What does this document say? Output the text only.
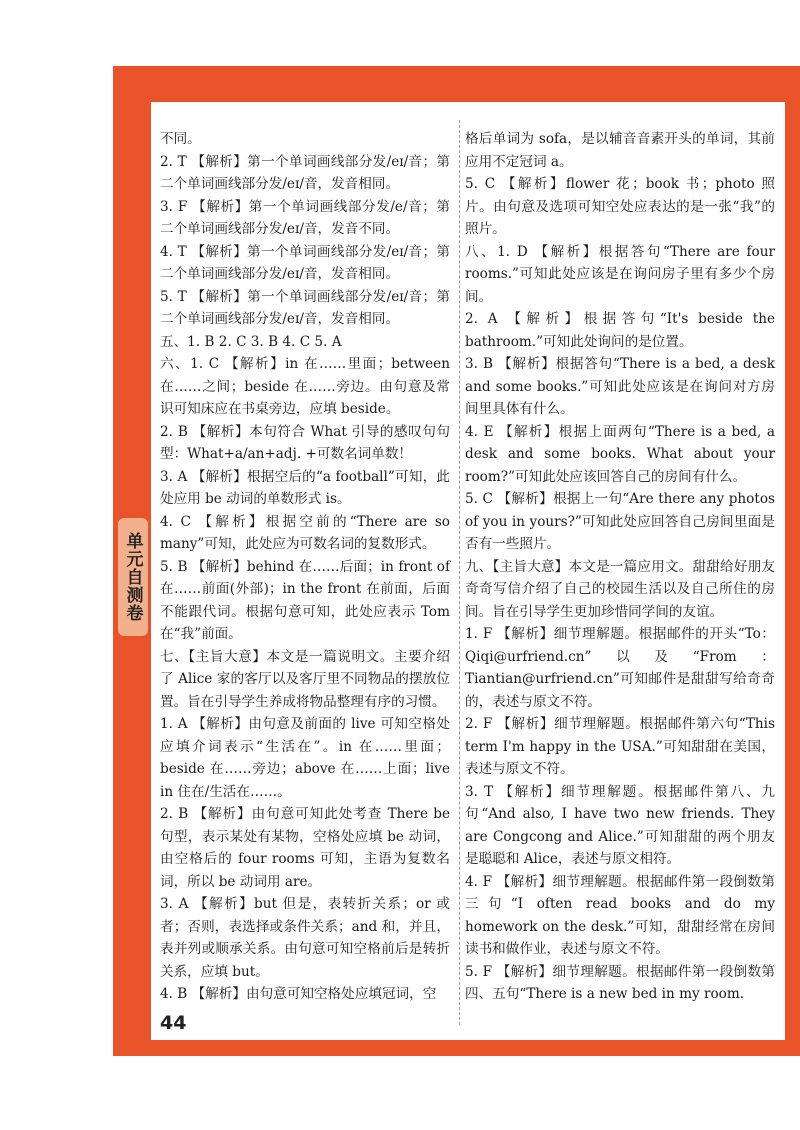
单元自测卷

不同。

2. T 【解析】第一个单词画线部分发/eɪ/音；第二个单词画线部分发/eɪ/音，发音相同。

3. F 【解析】第一个单词画线部分发/e/音；第二个单词画线部分发/eɪ/音，发音不同。

4. T 【解析】第一个单词画线部分发/eɪ/音；第二个单词画线部分发/eɪ/音，发音相同。

5. T 【解析】第一个单词画线部分发/eɪ/音；第二个单词画线部分发/eɪ/音，发音相同。

五、1. B 2. C 3. B 4. C 5. A

六、1. C 【解析】in 在……里面；between 在……之间；beside 在……旁边。由句意及常识可知床应在书桌旁边，应填 beside。

2. B 【解析】本句符合 What 引导的感叹句句型：What+a/an+adj. +可数名词单数！

3. A 【解析】根据空后的“a football”可知，此处应用 be 动词的单数形式 is。

4. C 【解析】根据空前的“There are so many”可知，此处应为可数名词的复数形式。

5. B 【解析】behind 在……后面；in front of 在……前面(外部)；in the front 在前面，后面不能跟代词。根据句意可知，此处应表示 Tom 在“我”前面。

七、【主旨大意】本文是一篇说明文。主要介绍了 Alice 家的客厅以及客厅里不同物品的摆放位置。旨在引导学生养成将物品整理有序的习惯。

1. A 【解析】由句意及前面的 live 可知空格处应填介词表示“生活在”。in 在……里面；beside 在……旁边；above 在……上面；live in 住在/生活在……。

2. B 【解析】由句意可知此处考查 There be 句型，表示某处有某物，空格处应填 be 动词，由空格后的 four rooms 可知，主语为复数名词，所以 be 动词用 are。

3. A 【解析】but 但是，表转折关系；or 或者；否则，表选择或条件关系；and 和，并且，表并列或顺承关系。由句意可知空格前后是转折关系，应填 but。

4. B 【解析】由句意可知空格处应填冠词，空

格后单词为 sofa，是以辅音音素开头的单词，其前应用不定冠词 a。

5. C 【解析】flower 花；book 书；photo 照片。由句意及选项可知空处应表达的是一张“我”的照片。

八、1. D 【解析】根据答句“There are four rooms.”可知此处应该是在询问房子里有多少个房间。

2. A 【解析】根据答句“It's beside the bathroom.”可知此处询问的是位置。

3. B 【解析】根据答句“There is a bed, a desk and some books.”可知此处应该是在询问对方房间里具体有什么。

4. E 【解析】根据上面两句“There is a bed, a desk and some books. What about your room?”可知此处应该回答自己的房间有什么。

5. C 【解析】根据上一句“Are there any photos of you in yours?”可知此处应回答自己房间里面是否有一些照片。

九、【主旨大意】本文是一篇应用文。甜甜给好朋友奇奇写信介绍了自己的校园生活以及自己所住的房间。旨在引导学生更加珍惜同学间的友谊。

1. F 【解析】细节理解题。根据邮件的开头“To：Qiqi@urfriend.cn”以及“From：Tiantian@urfriend.cn”可知邮件是甜甜写给奇奇的，表述与原文不符。

2. F 【解析】细节理解题。根据邮件第六句“This term I'm happy in the USA.”可知甜甜在美国，表述与原文不符。

3. T 【解析】细节理解题。根据邮件第八、九句“And also, I have two new friends. They are Congcong and Alice.”可知甜甜的两个朋友是聪聪和 Alice，表述与原文相符。

4. F 【解析】细节理解题。根据邮件第一段倒数第三句“I often read books and do my homework on the desk.”可知，甜甜经常在房间读书和做作业，表述与原文不符。

5. F 【解析】细节理解题。根据邮件第一段倒数第四、五句“There is a new bed in my room.

44
